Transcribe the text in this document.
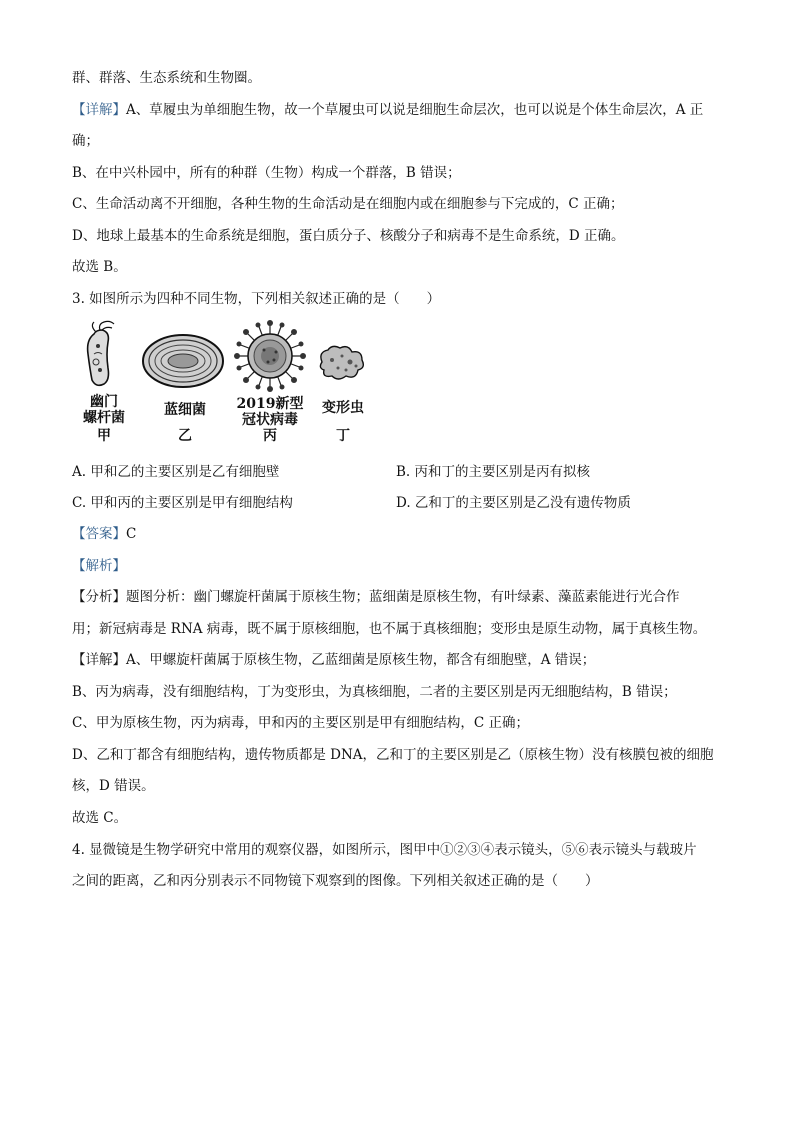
群、群落、生态系统和生物圈。
【详解】A、草履虫为单细胞生物，故一个草履虫可以说是细胞生命层次，也可以说是个体生命层次，A 正
确；
B、在中兴朴园中，所有的种群（生物）构成一个群落，B 错误；
C、生命活动离不开细胞，各种生物的生命活动是在细胞内或在细胞参与下完成的，C 正确；
D、地球上最基本的生命系统是细胞，蛋白质分子、核酸分子和病毒不是生命系统，D 正确。
故选 B。
3. 如图所示为四种不同生物，下列相关叙述正确的是（　　）
幽门
螺杆菌
甲
蓝细菌
乙
2019新型
冠状病毒
丙
变形虫
丁
A. 甲和乙的主要区别是乙有细胞壁	B. 丙和丁的主要区别是丙有拟核
C. 甲和丙的主要区别是甲有细胞结构	D. 乙和丁的主要区别是乙没有遗传物质
【答案】C
【解析】
【分析】题图分析：幽门螺旋杆菌属于原核生物；蓝细菌是原核生物，有叶绿素、藻蓝素能进行光合作
用；新冠病毒是 RNA 病毒，既不属于原核细胞，也不属于真核细胞；变形虫是原生动物，属于真核生物。
【详解】A、甲螺旋杆菌属于原核生物，乙蓝细菌是原核生物，都含有细胞壁，A 错误；
B、丙为病毒，没有细胞结构，丁为变形虫，为真核细胞，二者的主要区别是丙无细胞结构，B 错误；
C、甲为原核生物，丙为病毒，甲和丙的主要区别是甲有细胞结构，C 正确；
D、乙和丁都含有细胞结构，遗传物质都是 DNA，乙和丁的主要区别是乙（原核生物）没有核膜包被的细胞
核，D 错误。
故选 C。
4. 显微镜是生物学研究中常用的观察仪器，如图所示，图甲中①②③④表示镜头，⑤⑥表示镜头与载玻片
之间的距离，乙和丙分别表示不同物镜下观察到的图像。下列相关叙述正确的是（　　）
